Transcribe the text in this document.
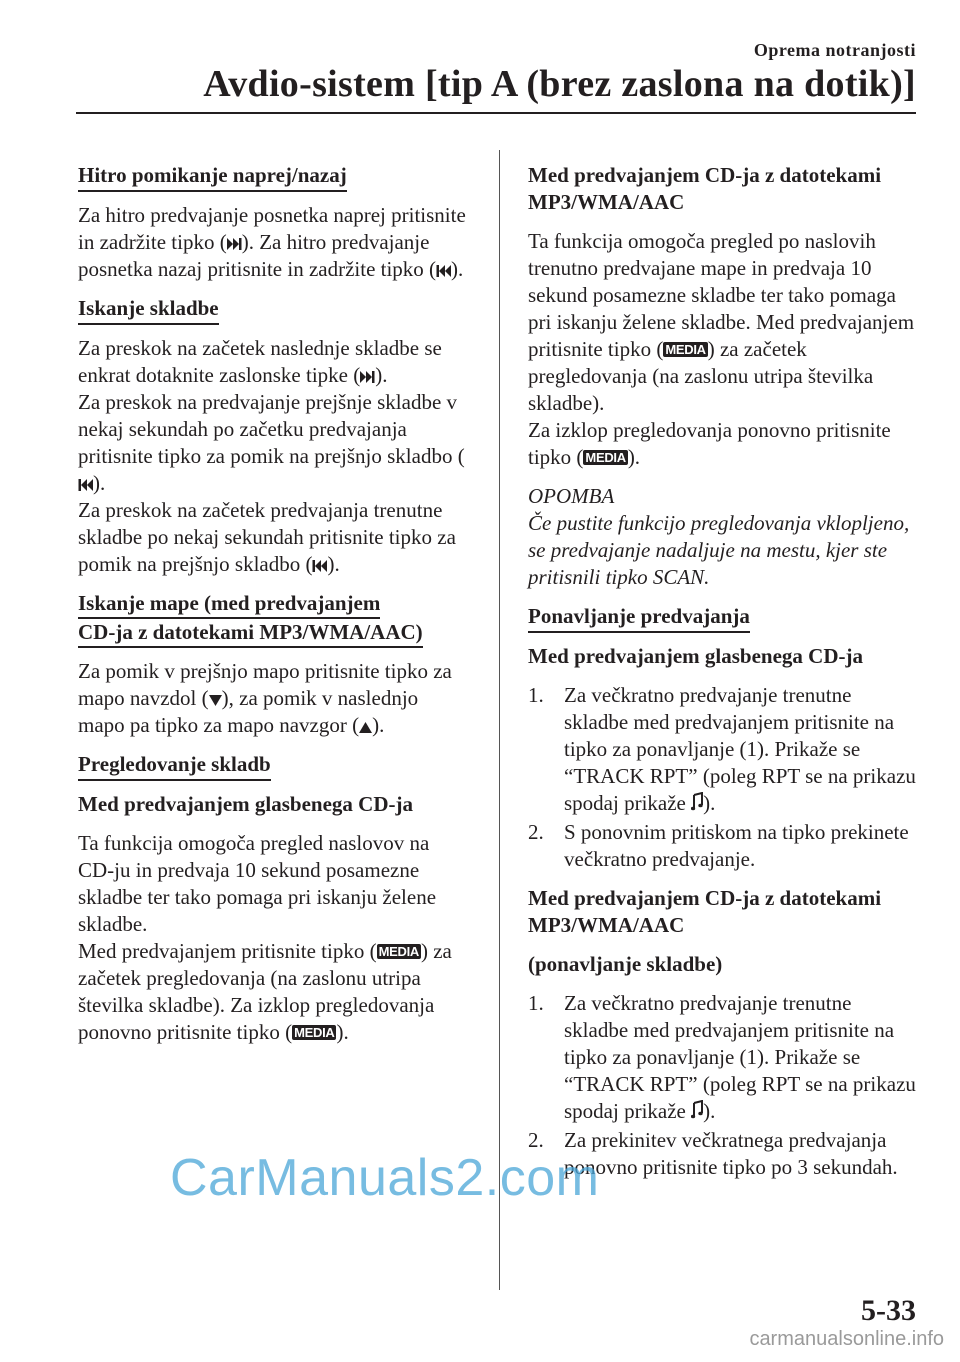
Oprema notranjosti
Avdio-sistem [tip A (brez zaslona na dotik)]
Hitro pomikanje naprej/nazaj

Za hitro predvajanje posnetka naprej pritisnite in zadržite tipko ( ). Za hitro predvajanje posnetka nazaj pritisnite in zadržite tipko ( ).

Iskanje skladbe

Za preskok na začetek naslednje skladbe se enkrat dotaknite zaslonske tipke ( ).

Za preskok na predvajanje prejšnje skladbe v nekaj sekundah po začetku predvajanja pritisnite tipko za pomik na prejšnjo skladbo ().

Za preskok na začetek predvajanja trenutne skladbe po nekaj sekundah pritisnite tipko za pomik na prejšnjo skladbo ( ).

Iskanje mape (med predvajanjem
CD-ja z datotekami MP3/WMA/AAC)

Za pomik v prejšnjo mapo pritisnite tipko za mapo navzdol ( ), za pomik v naslednjo mapo pa tipko za mapo navzgor ( ).

Pregledovanje skladb
Med predvajanjem glasbenega CD-ja

Ta funkcija omogoča pregled naslovov na CD-ju in predvaja 10 sekund posamezne skladbe ter tako pomaga pri iskanju želene skladbe.

Med predvajanjem pritisnite tipko ( MEDIA) za začetek pregledovanja (na zaslonu utripa številka skladbe). Za izklop pregledovanja ponovno pritisnite tipko ( MEDIA).

Med predvajanjem CD-ja z datotekami MP3/WMA/AAC

Ta funkcija omogoča pregled po naslovih trenutno predvajane mape in predvaja 10 sekund posamezne skladbe ter tako pomaga pri iskanju želene skladbe. Med predvajanjem pritisnite tipko ( MEDIA) za začetek pregledovanja (na zaslonu utripa številka skladbe).

Za izklop pregledovanja ponovno pritisnite tipko ( MEDIA).

OPOMBA

Če pustite funkcijo pregledovanja vklopljeno, se predvajanje nadaljuje na mestu, kjer ste pritisnili tipko SCAN.

Ponavljanje predvajanja
Med predvajanjem glasbenega CD-ja
1. Za večkratno predvajanje trenutne skladbe med predvajanjem pritisnite na tipko za ponavljanje (1). Prikaže se “TRACK RPT” (poleg RPT se na prikazu spodaj prikaže ).
2. S ponovnim pritiskom na tipko prekinete večkratno predvajanje.
Med predvajanjem CD-ja z datotekami MP3/WMA/AAC
(ponavljanje skladbe)
1. Za večkratno predvajanje trenutne skladbe med predvajanjem pritisnite na tipko za ponavljanje (1). Prikaže se “TRACK RPT” (poleg RPT se na prikazu spodaj prikaže ).
2. Za prekinitev večkratnega predvajanja ponovno pritisnite tipko po 3 sekundah.
CarManuals2.com
5-33
carmanualsonline.info
